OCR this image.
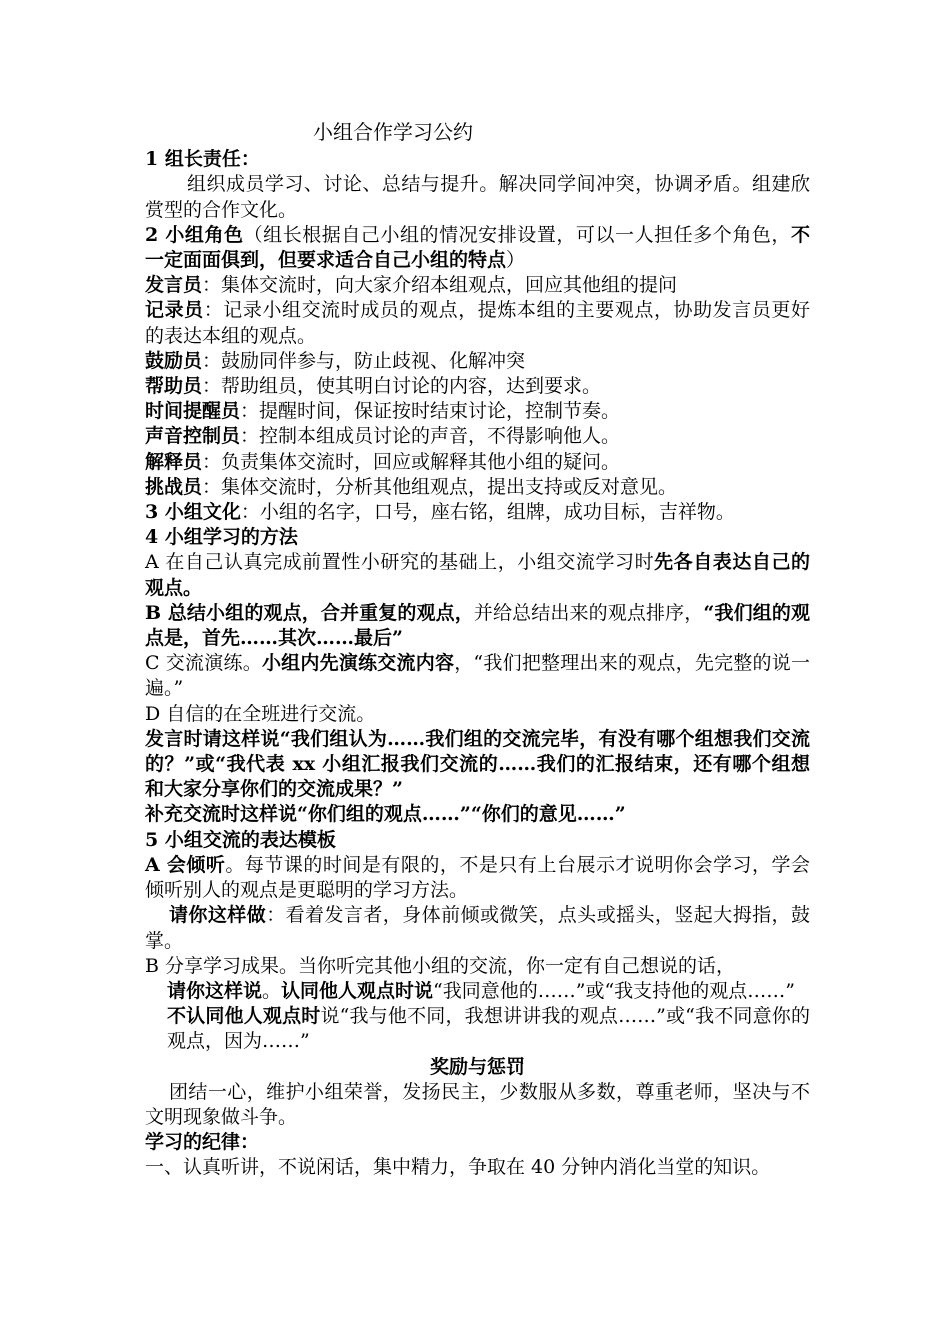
小组合作学习公约

1 组长责任：

组织成员学习、讨论、总结与提升。解决同学间冲突，协调矛盾。组建欣赏型的合作文化。

2 小组角色（组长根据自己小组的情况安排设置，可以一人担任多个角色，不一定面面俱到，但要求适合自己小组的特点）

发言员：集体交流时，向大家介绍本组观点，回应其他组的提问

记录员：记录小组交流时成员的观点，提炼本组的主要观点，协助发言员更好的表达本组的观点。

鼓励员：鼓励同伴参与，防止歧视、化解冲突

帮助员：帮助组员，使其明白讨论的内容，达到要求。

时间提醒员：提醒时间，保证按时结束讨论，控制节奏。

声音控制员：控制本组成员讨论的声音，不得影响他人。

解释员：负责集体交流时，回应或解释其他小组的疑问。

挑战员：集体交流时，分析其他组观点，提出支持或反对意见。

3 小组文化：小组的名字，口号，座右铭，组牌，成功目标，吉祥物。

4 小组学习的方法

A 在自己认真完成前置性小研究的基础上，小组交流学习时先各自表达自己的观点。

B 总结小组的观点，合并重复的观点，并给总结出来的观点排序，“我们组的观点是，首先……其次……最后”

C 交流演练。小组内先演练交流内容，“我们把整理出来的观点，先完整的说一遍。”

D 自信的在全班进行交流。

发言时请这样说“我们组认为……我们组的交流完毕，有没有哪个组想我们交流的？”或“我代表 xx 小组汇报我们交流的……我们的汇报结束，还有哪个组想和大家分享你们的交流成果？”

补充交流时这样说“你们组的观点……”“你们的意见……”

5 小组交流的表达模板

A 会倾听。每节课的时间是有限的，不是只有上台展示才说明你会学习，学会倾听别人的观点是更聪明的学习方法。

请你这样做：看着发言者，身体前倾或微笑，点头或摇头，竖起大拇指，鼓掌。

B 分享学习成果。当你听完其他小组的交流，你一定有自己想说的话，

请你这样说。认同他人观点时说“我同意他的……”或“我支持他的观点……”

不认同他人观点时说“我与他不同，我想讲讲我的观点……”或“我不同意你的观点，因为……”

奖励与惩罚

团结一心，维护小组荣誉，发扬民主，少数服从多数，尊重老师，坚决与不文明现象做斗争。

学习的纪律：

一、认真听讲，不说闲话，集中精力，争取在 40 分钟内消化当堂的知识。
